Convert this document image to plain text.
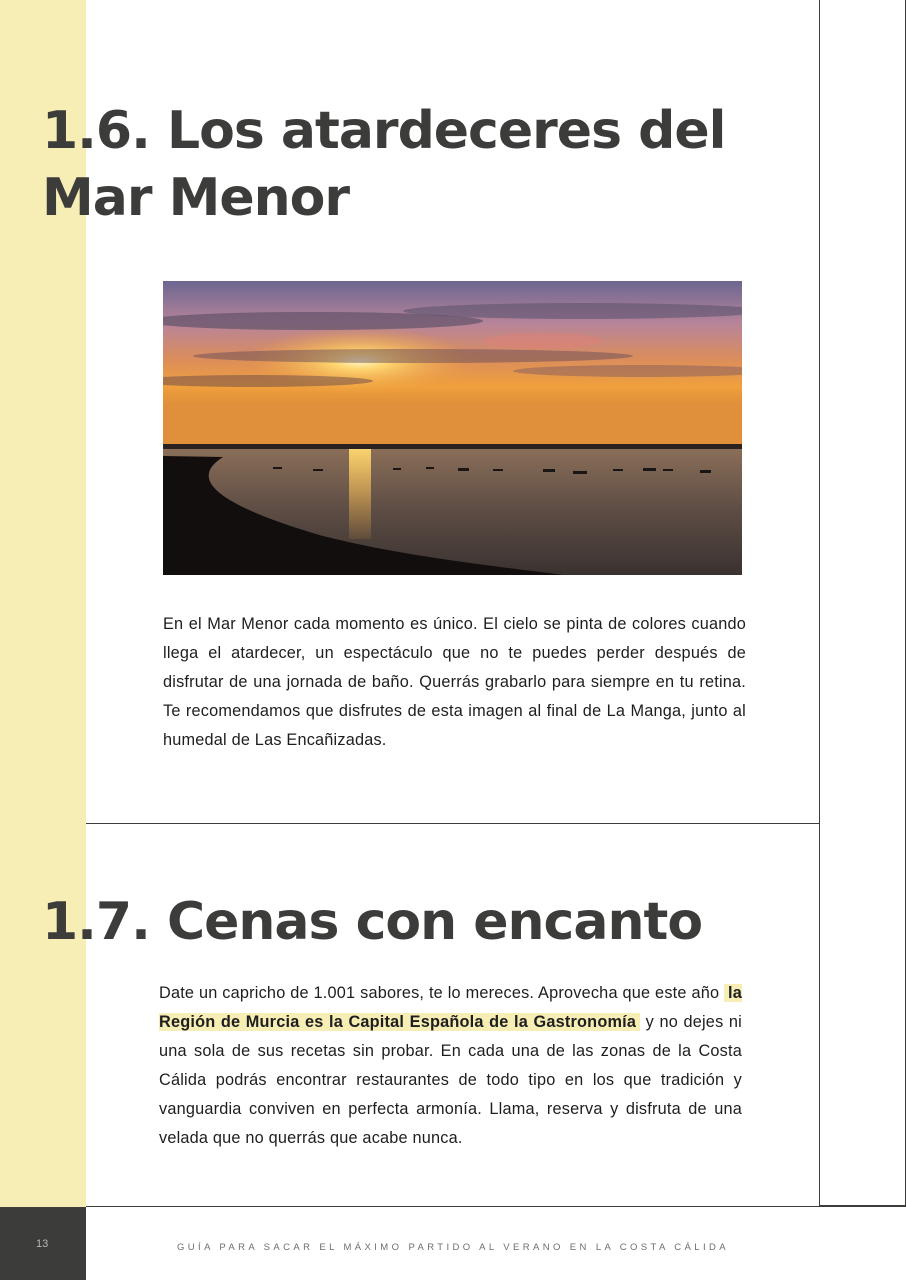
1.6. Los atardeceres del Mar Menor

En el Mar Menor cada momento es único. El cielo se pinta de colores cuando llega el atardecer, un espectáculo que no te puedes perder después de disfrutar de una jornada de baño. Querrás grabarlo para siempre en tu retina. Te recomendamos que disfrutes de esta imagen al final de La Manga, junto al humedal de Las Encañizadas.

1.7. Cenas con encanto

Date un capricho de 1.001 sabores, te lo mereces. Aprovecha que este año la Región de Murcia es la Capital Española de la Gastronomía y no dejes ni una sola de sus recetas sin probar. En cada una de las zonas de la Costa Cálida podrás encontrar restaurantes de todo tipo en los que tradición y vanguardia conviven en perfecta armonía. Llama, reserva y disfruta de una velada que no querrás que acabe nunca.

13	GUÍA PARA SACAR EL MÁXIMO PARTIDO AL VERANO EN LA COSTA CÁLIDA
